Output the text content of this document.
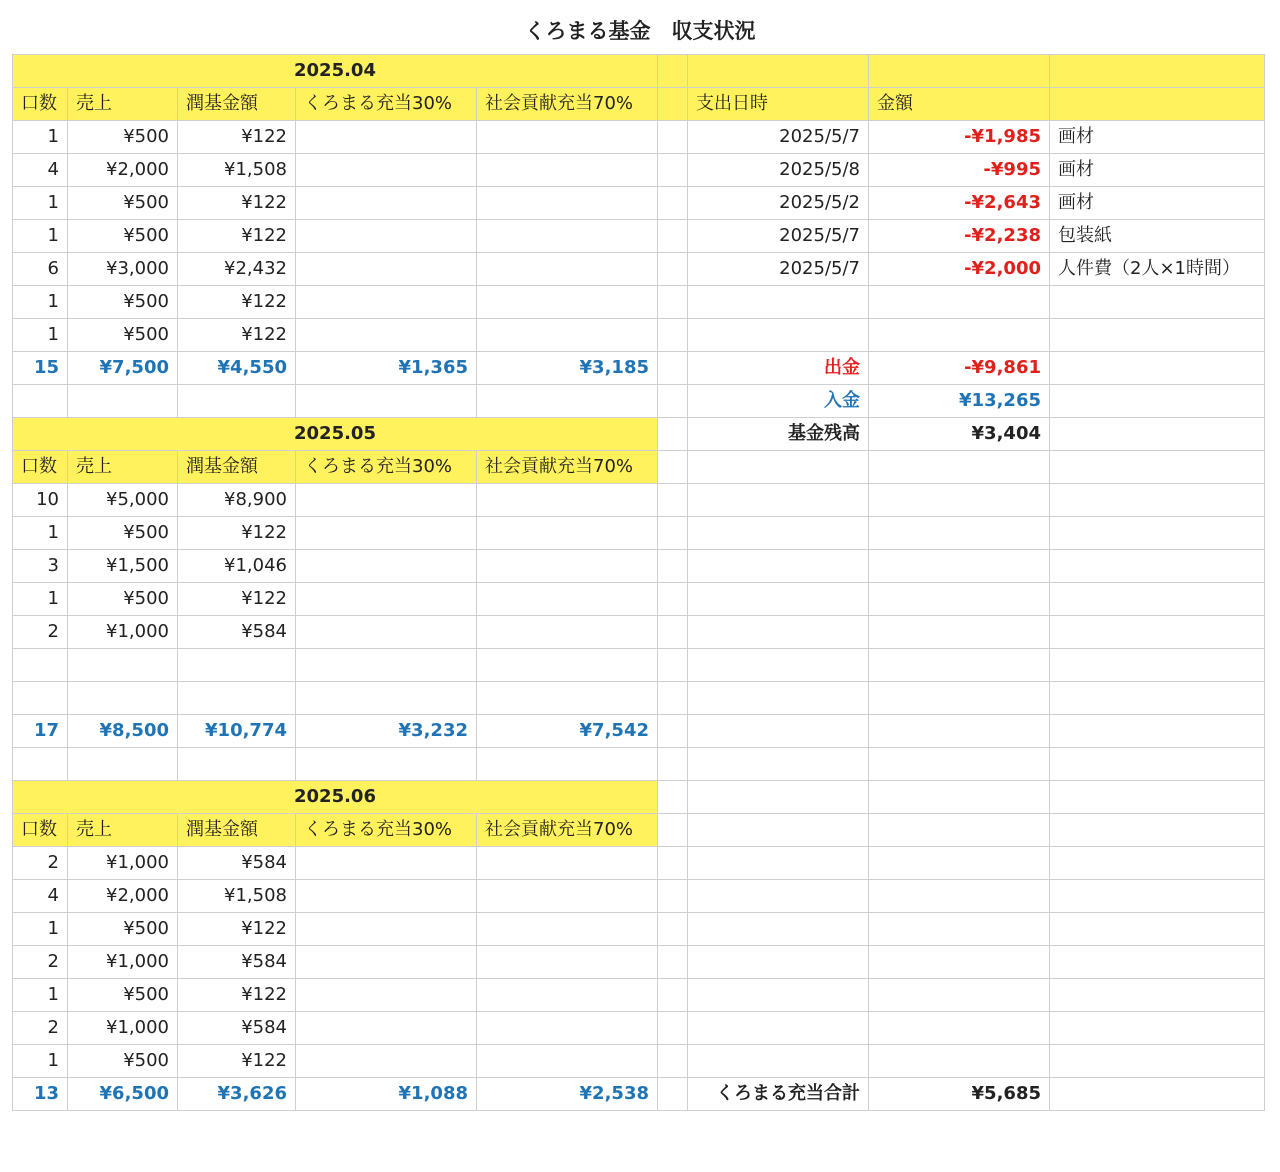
くろまる基金　収支状況
2025.04								
口数	売上	潤基金額	くろまる充当30%	社会貢献充当70%		支出日時	金額	
1	¥500	¥122				2025/5/7	-¥1,985	画材
4	¥2,000	¥1,508				2025/5/8	-¥995	画材
1	¥500	¥122				2025/5/2	-¥2,643	画材
1	¥500	¥122				2025/5/7	-¥2,238	包装紙
6	¥3,000	¥2,432				2025/5/7	-¥2,000	人件費（2人×1時間）
1	¥500	¥122						
1	¥500	¥122						
15	¥7,500	¥4,550	¥1,365	¥3,185		出金	-¥9,861	
						入金	¥13,265	
2025.05						基金残高	¥3,404	
口数	売上	潤基金額	くろまる充当30%	社会貢献充当70%				
10	¥5,000	¥8,900						
1	¥500	¥122						
3	¥1,500	¥1,046						
1	¥500	¥122						
2	¥1,000	¥584						

17	¥8,500	¥10,774	¥3,232	¥7,542				

2025.06								
口数	売上	潤基金額	くろまる充当30%	社会貢献充当70%				
2	¥1,000	¥584						
4	¥2,000	¥1,508						
1	¥500	¥122						
2	¥1,000	¥584						
1	¥500	¥122						
2	¥1,000	¥584						
1	¥500	¥122						
13	¥6,500	¥3,626	¥1,088	¥2,538		くろまる充当合計	¥5,685	
